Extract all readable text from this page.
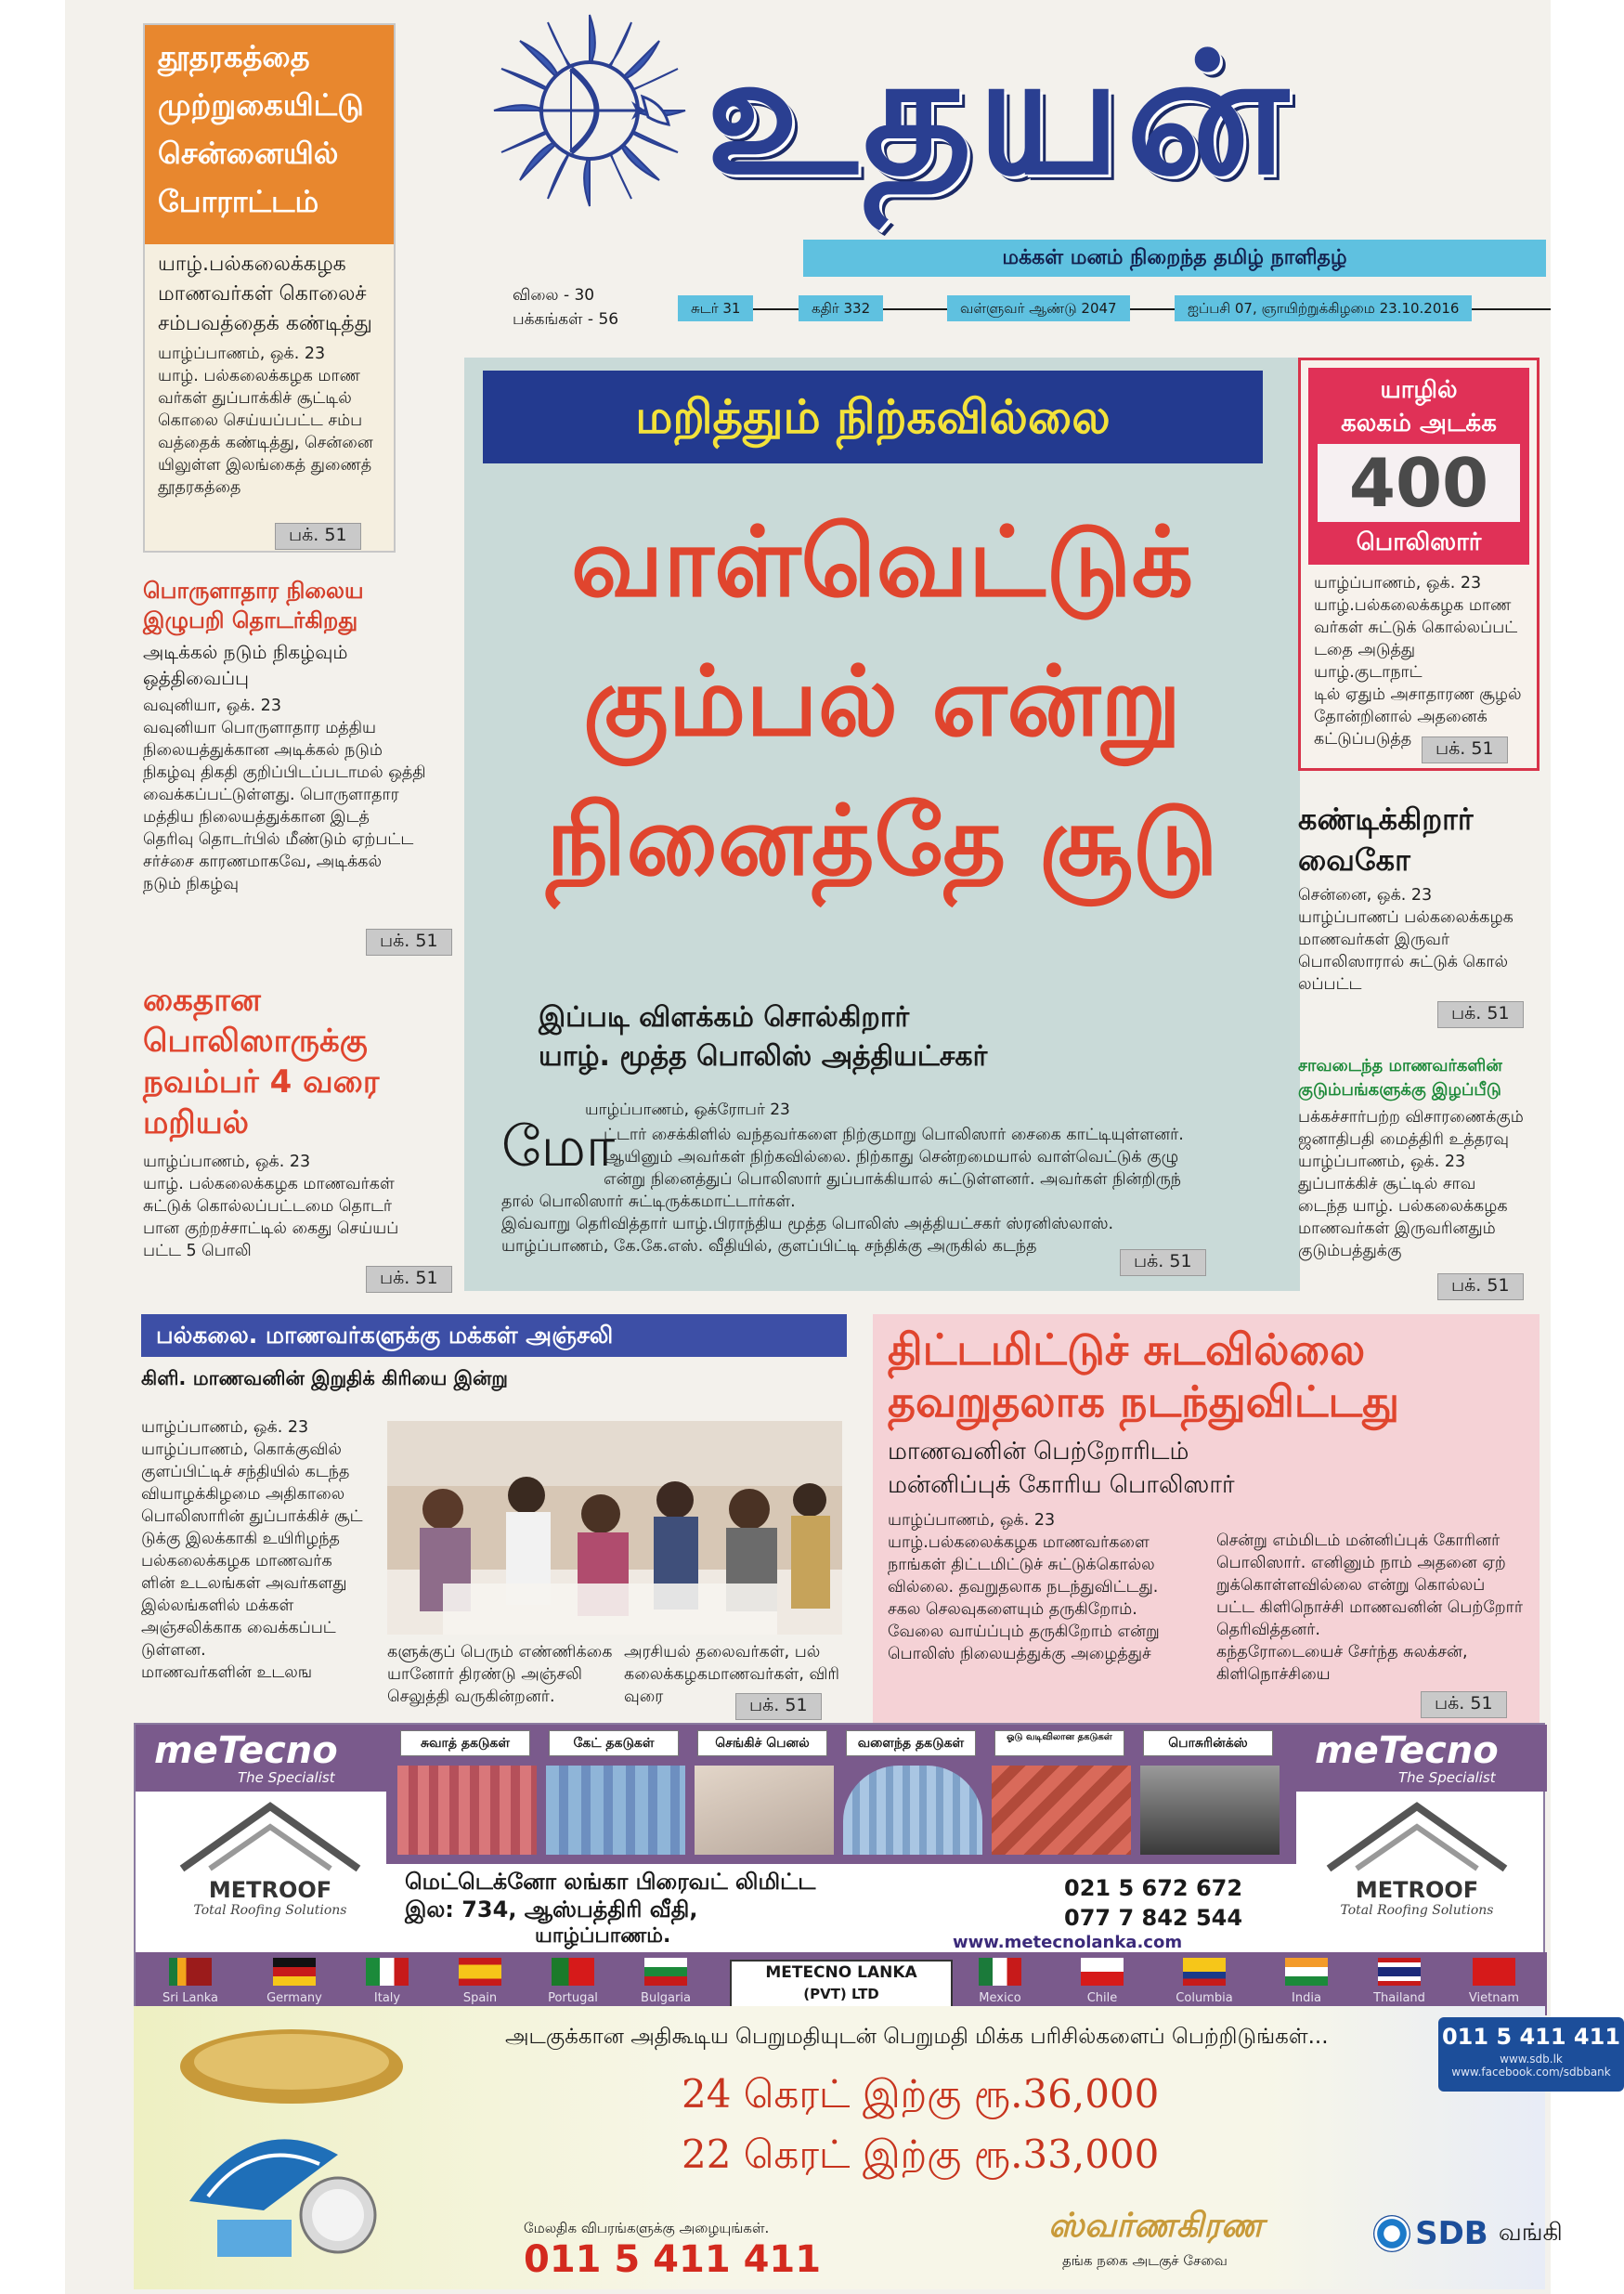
உதயன்
மக்கள் மனம் நிறைந்த தமிழ் நாளிதழ்
விலை - 30
பக்கங்கள் - 56
சுடர் 31	கதிர் 332	வள்ளுவர் ஆண்டு 2047	ஐப்பசி 07, ஞாயிற்றுக்கிழமை 23.10.2016
தூதரகத்தை
முற்றுகையிட்டு
சென்னையில்
போராட்டம்
யாழ்.பல்கலைக்கழக
மாணவர்கள் கொலைச்
சம்பவத்தைக் கண்டித்து

யாழ்ப்பாணம், ஒக். 23

யாழ். பல்கலைக்கழக மாண

வர்கள் துப்பாக்கிச் சூட்டில்

கொலை செய்யப்பட்ட சம்ப

வத்தைக் கண்டித்து, சென்னை

யிலுள்ள இலங்கைத் துணைத்

தூதரகத்தை

பக். 51
பொருளாதார நிலைய
இழுபறி தொடர்கிறது
அடிக்கல் நடும் நிகழ்வும்
ஒத்திவைப்பு

வவுனியா, ஒக். 23

வவுனியா பொருளாதார மத்திய

நிலையத்துக்கான அடிக்கல் நடும்

நிகழ்வு திகதி குறிப்பிடப்படாமல் ஒத்தி

வைக்கப்பட்டுள்ளது. பொருளாதார

மத்திய நிலையத்துக்கான இடத்

தெரிவு தொடர்பில் மீண்டும் ஏற்பட்ட

சர்ச்சை காரணமாகவே, அடிக்கல்

நடும் நிகழ்வு

பக். 51
கைதான
பொலிஸாருக்கு
நவம்பர் 4 வரை
மறியல்

யாழ்ப்பாணம், ஒக். 23

யாழ். பல்கலைக்கழக மாணவர்கள்

சுட்டுக் கொல்லப்பட்டமை தொடர்

பான குற்றச்சாட்டில் கைது செய்யப்

பட்ட 5 பொலி

பக். 51
மறித்தும் நிற்கவில்லை
வாள்வெட்டுக்
கும்பல் என்று
நினைத்தே சூடு
இப்படி விளக்கம் சொல்கிறார்
யாழ். மூத்த பொலிஸ் அத்தியட்சகர்
யாழ்ப்பாணம், ஒக்ரோபர் 23
மோ

ட்டார் சைக்கிளில் வந்தவர்களை நிற்குமாறு பொலிஸார் சைகை காட்டியுள்ளனர்.

ஆயினும் அவர்கள் நிற்கவில்லை. நிற்காது சென்றமையால் வாள்வெட்டுக் குழு

என்று நினைத்துப் பொலிஸார் துப்பாக்கியால் சுட்டுள்ளனர். அவர்கள் நின்றிருந்

தால் பொலிஸார் சுட்டிருக்கமாட்டார்கள்.

இவ்வாறு தெரிவித்தார் யாழ்.பிராந்திய மூத்த பொலிஸ் அத்தியட்சகர் ஸ்ரனிஸ்லாஸ்.

யாழ்ப்பாணம், கே.கே.எஸ். வீதியில், குளப்பிட்டி சந்திக்கு அருகில் கடந்த

பக். 51
யாழில்
கலகம் அடக்க
400
பொலிஸார்

யாழ்ப்பாணம், ஒக். 23

யாழ்.பல்கலைக்கழக மாண

வர்கள் சுட்டுக் கொல்லப்பட்

டதை அடுத்து யாழ்.குடாநாட்

டில் ஏதும் அசாதாரண சூழல்

தோன்றினால் அதனைக்

கட்டுப்படுத்த	பக். 51
கண்டிக்கிறார்
வைகோ

சென்னை, ஒக். 23

யாழ்ப்பாணப் பல்கலைக்கழக

மாணவர்கள் இருவர்

பொலிஸாரால் சுட்டுக் கொல்

லப்பட்ட

பக். 51
சாவடைந்த மாணவர்களின்
குடும்பங்களுக்கு இழப்பீடு

பக்கச்சார்பற்ற விசாரணைக்கும்

ஜனாதிபதி மைத்திரி உத்தரவு

யாழ்ப்பாணம், ஒக். 23

துப்பாக்கிச் சூட்டில் சாவ

டைந்த யாழ். பல்கலைக்கழக

மாணவர்கள் இருவரினதும்

குடும்பத்துக்கு

பக். 51
பல்கலை. மாணவர்களுக்கு மக்கள் அஞ்சலி
கிளி. மாணவனின் இறுதிக் கிரியை இன்று

யாழ்ப்பாணம், ஒக். 23

யாழ்ப்பாணம், கொக்குவில்

குளப்பிட்டிச் சந்தியில் கடந்த

வியாழக்கிழமை அதிகாலை

பொலிஸாரின் துப்பாக்கிச் சூட்

டுக்கு இலக்காகி உயிரிழந்த

பல்கலைக்கழக மாணவர்க

ளின் உடலங்கள் அவர்களது

இல்லங்களில் மக்கள்

அஞ்சலிக்காக வைக்கப்பட்

டுள்ளன.

மாணவர்களின் உடலங

களுக்குப் பெரும் எண்ணிக்கை

யானோர் திரண்டு அஞ்சலி

செலுத்தி வருகின்றனர்.

அரசியல் தலைவர்கள், பல்

கலைக்கழகமாணவர்கள், விரி

வுரை	பக். 51
திட்டமிட்டுச் சுடவில்லை
தவறுதலாக நடந்துவிட்டது
மாணவனின் பெற்றோரிடம்
மன்னிப்புக் கோரிய பொலிஸார்

யாழ்ப்பாணம், ஒக். 23

யாழ்.பல்கலைக்கழக மாணவர்களை

நாங்கள் திட்டமிட்டுச் சுட்டுக்கொல்ல

வில்லை. தவறுதலாக நடந்துவிட்டது.

சகல செலவுகளையும் தருகிறோம்.

வேலை வாய்ப்பும் தருகிறோம் என்று

பொலிஸ் நிலையத்துக்கு அழைத்துச்

சென்று எம்மிடம் மன்னிப்புக் கோரினர்

பொலிஸார். எனினும் நாம் அதனை ஏற்

றுக்கொள்ளவில்லை என்று கொல்லப்

பட்ட கிளிநொச்சி மாணவனின் பெற்றோர்

தெரிவித்தனர்.

கந்தரோடையைச் சேர்ந்த சுலக்சன்,

கிளிநொச்சியை

பக். 51
meTecno
The Specialist
meTecno
The Specialist
சுவாத் தகடுகள்	கேட் தகடுகள்	செங்கிச் பெனல்	வளைந்த தகடுகள்	ஓடு வடிவிலான தகடுகள்	பொசுரின்க்ஸ்
METROOF
Total Roofing Solutions
METROOF
Total Roofing Solutions
மெட்டெக்னோ லங்கா பிரைவட் லிமிட்ட
இல: 734, ஆஸ்பத்திரி வீதி,
யாழ்ப்பாணம்.
021 5 672 672
077 7 842 544
www.metecnolanka.com
METECNO LANKA
(PVT) LTD
Sri Lanka	Germany	Italy	Spain	Portugal	Bulgaria	Mexico	Chile	Columbia	India	Thailand	Vietnam
அடகுக்கான அதிகூடிய பெறுமதியுடன் பெறுமதி மிக்க பரிசில்களைப் பெற்றிடுங்கள்...
24 கெரட் இற்கு ரூ.36,000
22 கெரட் இற்கு ரூ.33,000
மேலதிக விபரங்களுக்கு அழையுங்கள்.
011 5 411 411
ஸ்வர்ணகிரண
தங்க நகை அடகுச் சேவை
011 5 411 411
www.sdb.lk
www.facebook.com/sdbbank
SDB வங்கி
